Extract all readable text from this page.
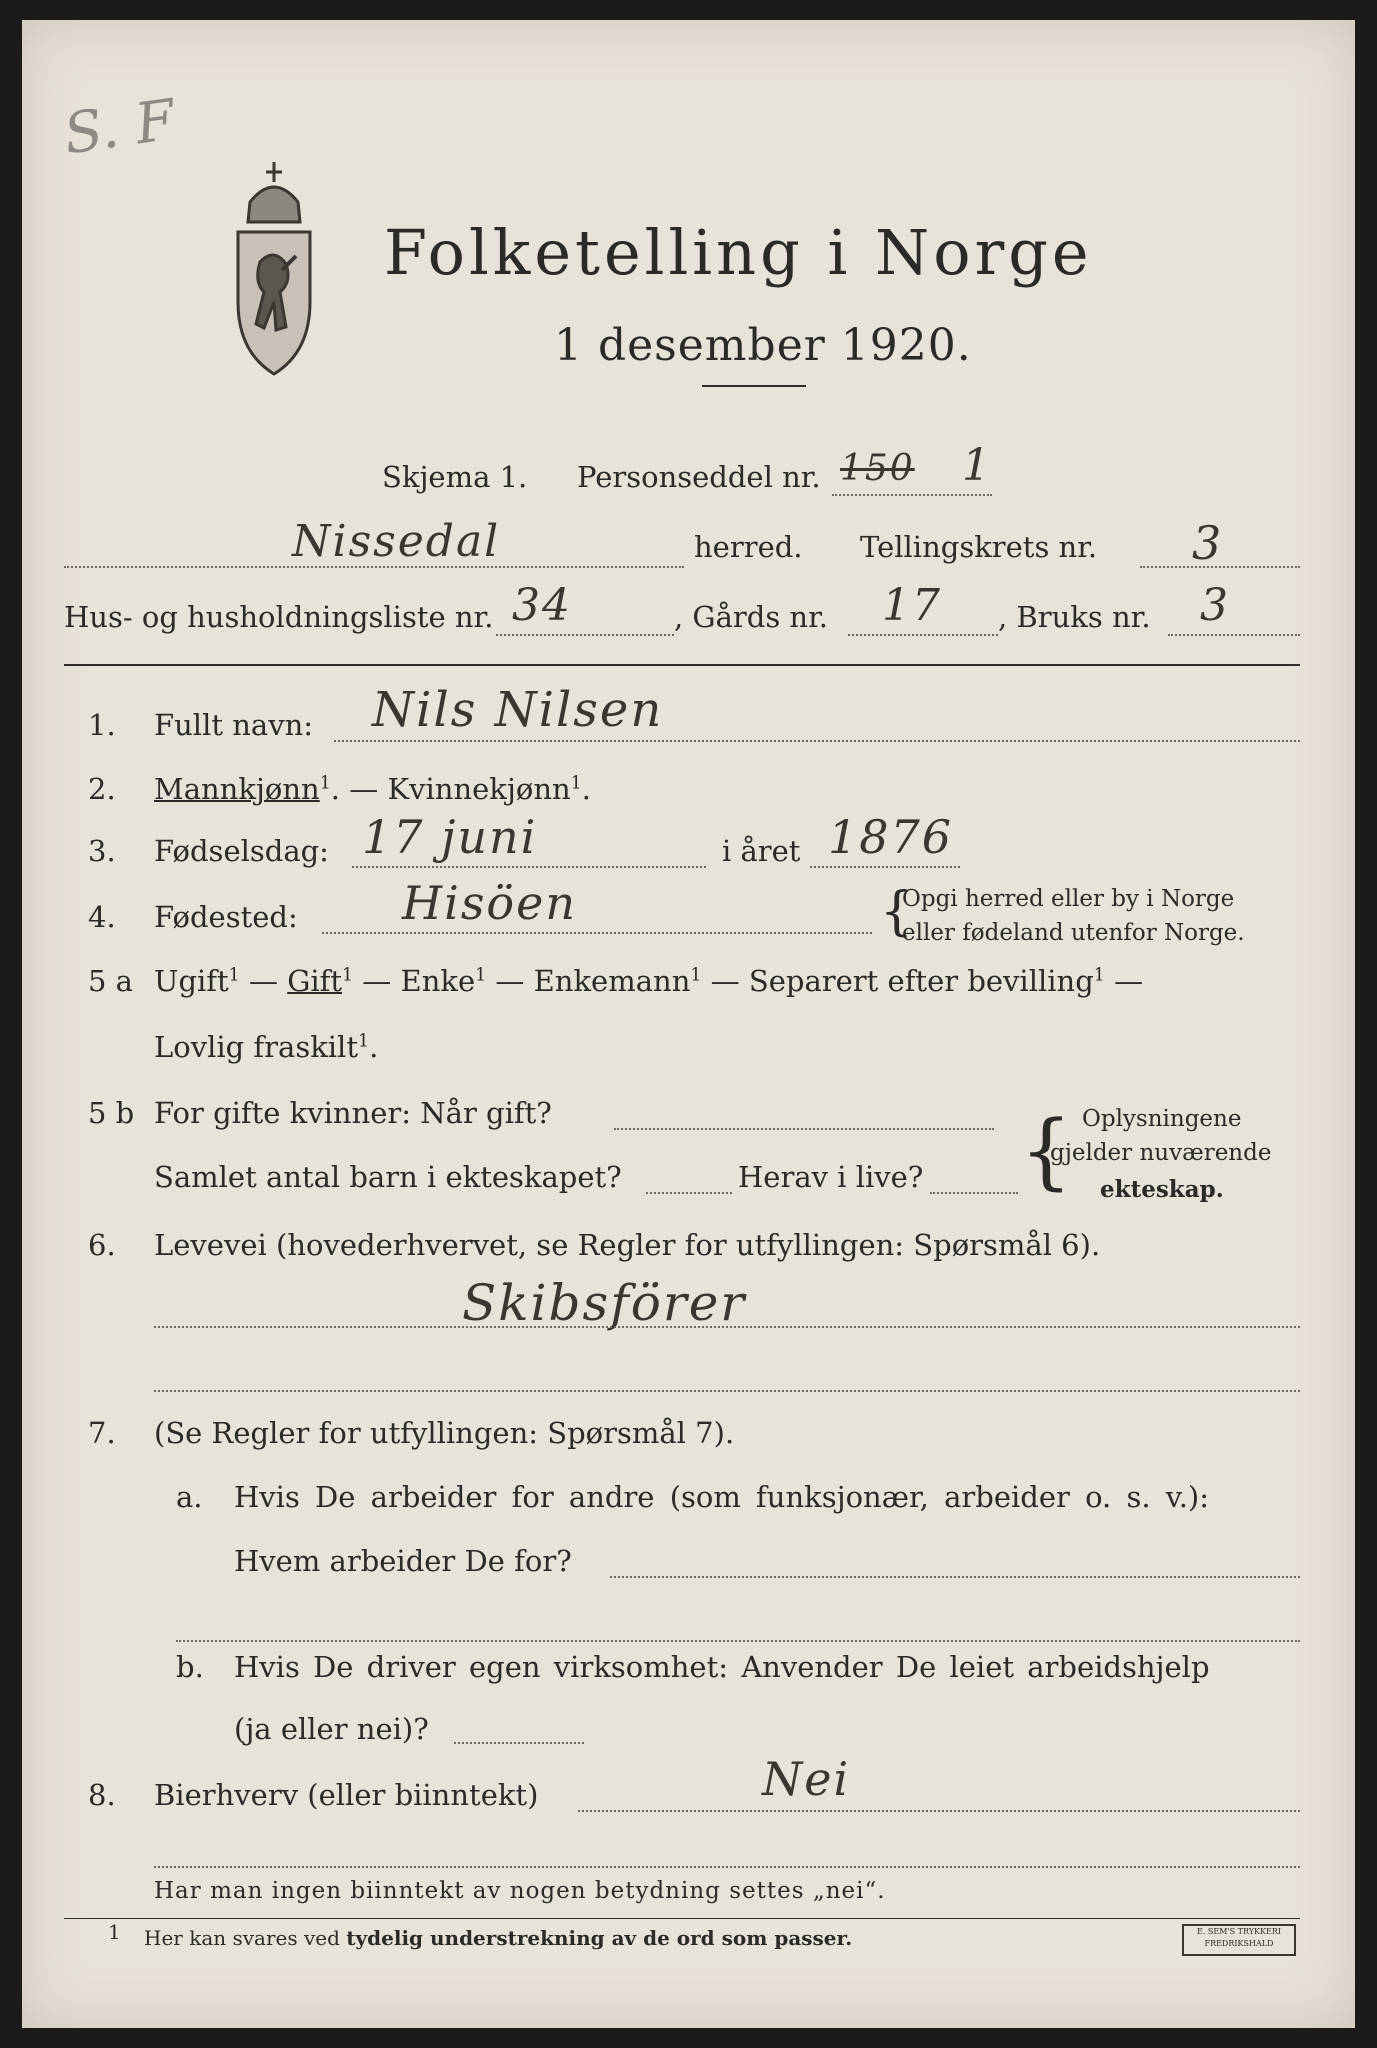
S. F
Folketelling i Norge
1 desember 1920.
Skjema 1. Personseddel nr. 150 1
Nissedal	herred. Tellingskrets nr. 3
Hus- og husholdningsliste nr. 34	, Gårds nr. 17 , Bruks nr. 3
1. Fullt navn: Nils Nilsen
2. Mannkjønn$^1$. — Kvinnekjønn$^1$.
3. Fødselsdag: 17 juni	i året 1876
4. Fødested: Hisöen	{
Opgi herred eller by i Norge
eller fødeland utenfor Norge.
5 a Ugift$^1$ — Gift$^1$ — Enke$^1$ — Enkemann$^1$ — Separert efter bevilling$^1$ —
Lovlig fraskilt$^1$.
5 b For gifte kvinner: Når gift?
Samlet antal barn i ekteskapet?	Herav i live? { Oplysningene
gjelder nuværende
ekteskap.
6. Levevei (hovederhvervet, se Regler for utfyllingen: Spørsmål 6).
Skibsförer
7. (Se Regler for utfyllingen: Spørsmål 7).
a. Hvis De arbeider for andre (som funksjonær, arbeider o. s. v.):
Hvem arbeider De for?
b. Hvis De driver egen virksomhet: Anvender De leiet arbeidshjelp
(ja eller nei)?
8. Bierhverv (eller biinntekt)	Nei
Har man ingen biinntekt av nogen betydning settes „nei“.
1 Her kan svares ved tydelig understrekning av de ord som passer.	E. SEM'S TRYKKERI
FREDRIKSHALD
